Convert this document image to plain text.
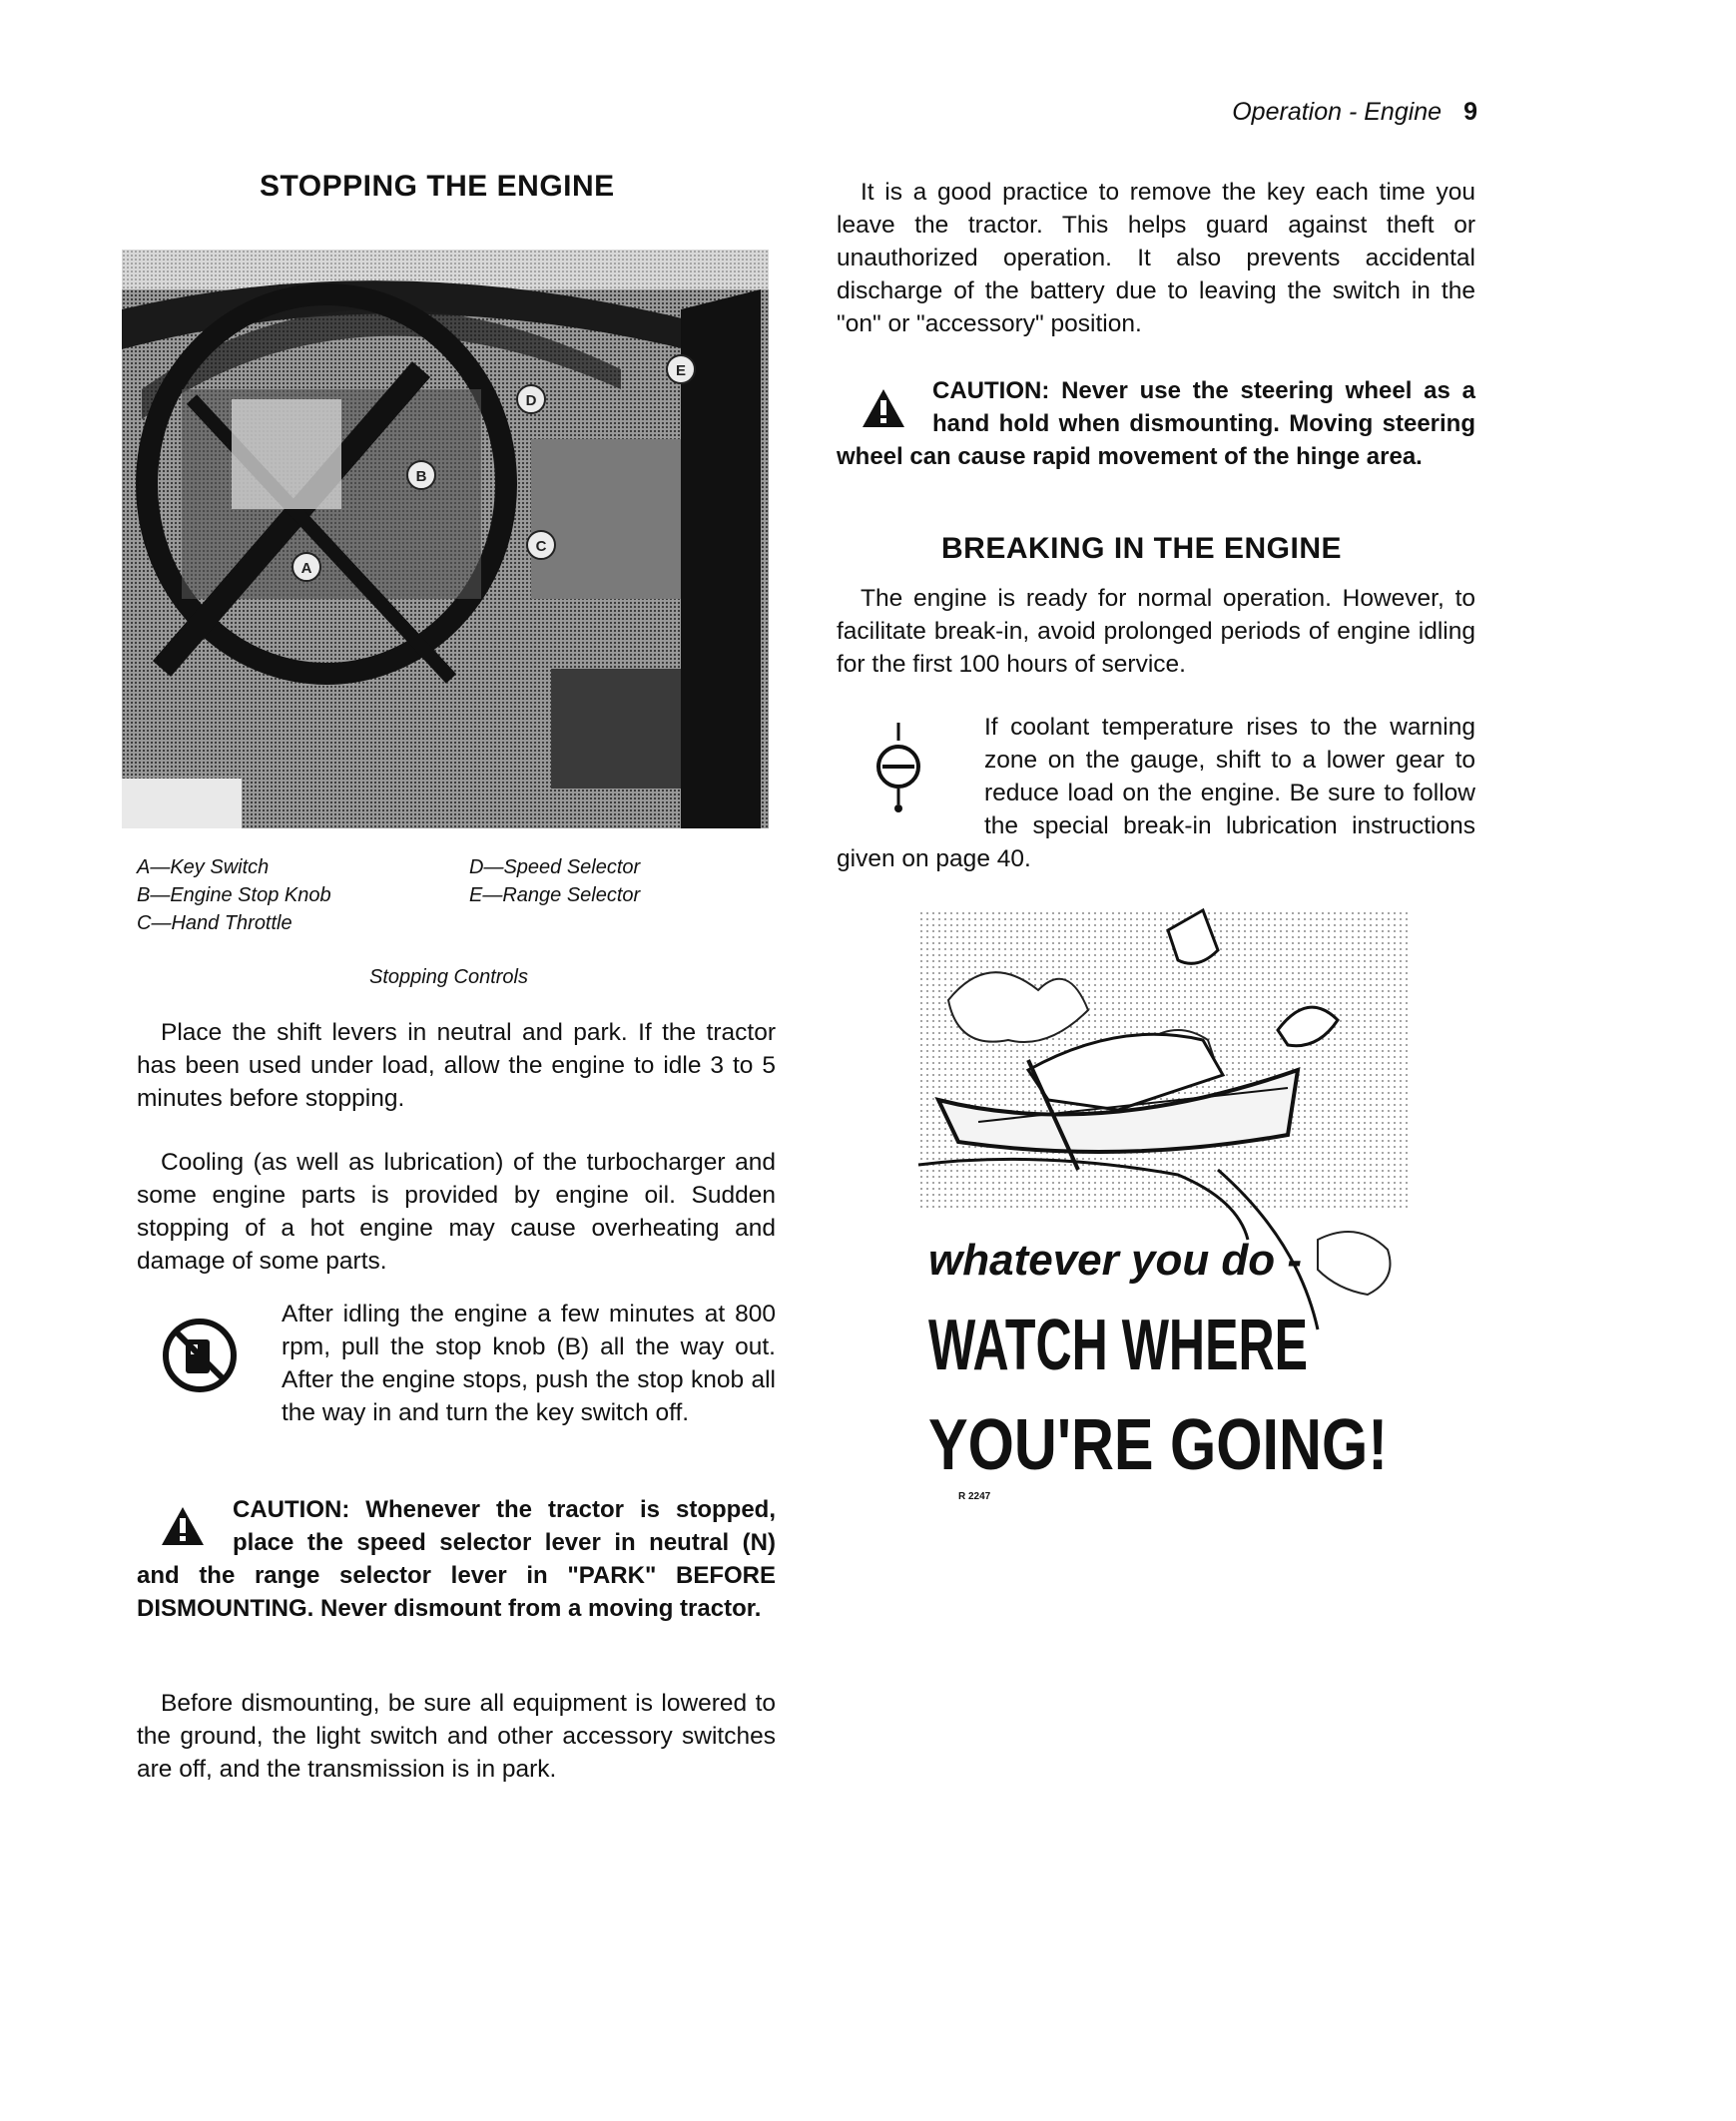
Operation - Engine 9
STOPPING THE ENGINE
E
D
B
C
A
A—Key Switch
B—Engine Stop Knob
C—Hand Throttle
D—Speed Selector
E—Range Selector
Stopping Controls
Place the shift levers in neutral and park. If the tractor has been used under load, allow the engine to idle 3 to 5 minutes before stopping.
Cooling (as well as lubrication) of the turbocharger and some engine parts is provided by engine oil. Sudden stopping of a hot engine may cause overheating and damage of some parts.
After idling the engine a few minutes at 800 rpm, pull the stop knob (B) all the way out. After the engine stops, push the stop knob all the way in and turn the key switch off.
CAUTION: Whenever the tractor is stopped, place the speed selector lever in neutral (N) and the range selector lever in "PARK" BEFORE DISMOUNTING. Never dismount from a moving tractor.
Before dismounting, be sure all equipment is lowered to the ground, the light switch and other accessory switches are off, and the transmission is in park.
It is a good practice to remove the key each time you leave the tractor. This helps guard against theft or unauthorized operation. It also prevents accidental discharge of the battery due to leaving the switch in the "on" or "accessory" position.
CAUTION: Never use the steering wheel as a hand hold when dismounting. Moving steering wheel can cause rapid movement of the hinge area.
BREAKING IN THE ENGINE
The engine is ready for normal operation. However, to facilitate break-in, avoid prolonged periods of engine idling for the first 100 hours of service.
If coolant temperature rises to the warning zone on the gauge, shift to a lower gear to reduce load on the engine. Be sure to follow the special break-in lubrication instructions given on page 40.
whatever you do -
WATCH WHERE
YOU'RE GOING!
R 2247
